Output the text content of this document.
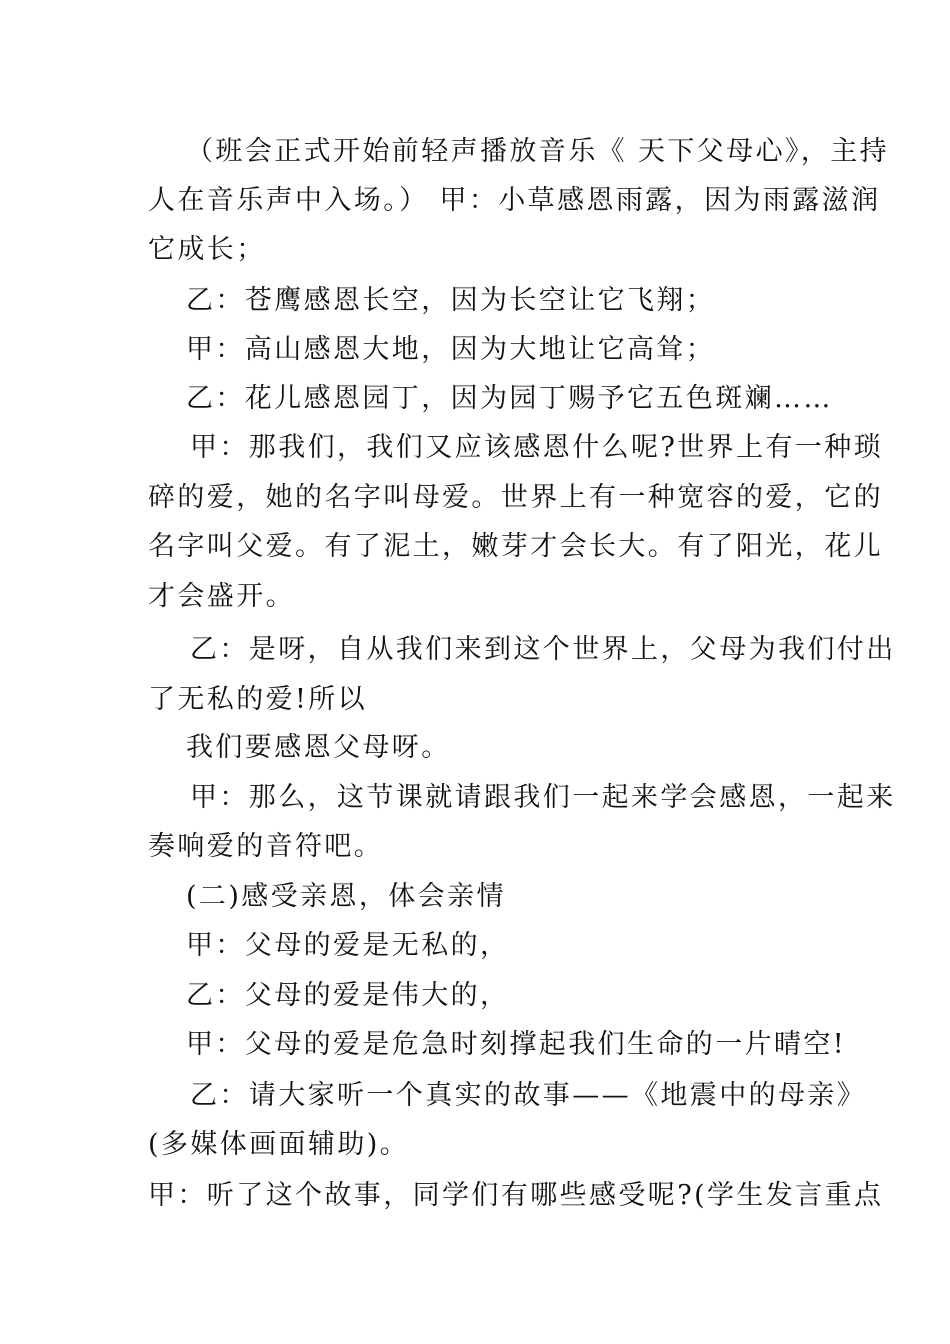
（班会正式开始前轻声播放音乐《 天下父母心》，主持
人在音乐声中入场。） 甲：小草感恩雨露，因为雨露滋润
它成长；
乙：苍鹰感恩长空，因为长空让它飞翔；
甲：高山感恩大地，因为大地让它高耸；
乙：花儿感恩园丁，因为园丁赐予它五色斑斓……
甲：那我们，我们又应该感恩什么呢?世界上有一种琐
碎的爱，她的名字叫母爱。世界上有一种宽容的爱，它的
名字叫父爱。有了泥土，嫩芽才会长大。有了阳光，花儿
才会盛开。
乙：是呀，自从我们来到这个世界上，父母为我们付出
了无私的爱!所以
我们要感恩父母呀。
甲：那么，这节课就请跟我们一起来学会感恩，一起来
奏响爱的音符吧。
(二)感受亲恩，体会亲情
甲：父母的爱是无私的，
乙：父母的爱是伟大的，
甲：父母的爱是危急时刻撑起我们生命的一片晴空!
乙：请大家听一个真实的故事——《地震中的母亲》
(多媒体画面辅助)。
甲：听了这个故事，同学们有哪些感受呢?(学生发言重点
